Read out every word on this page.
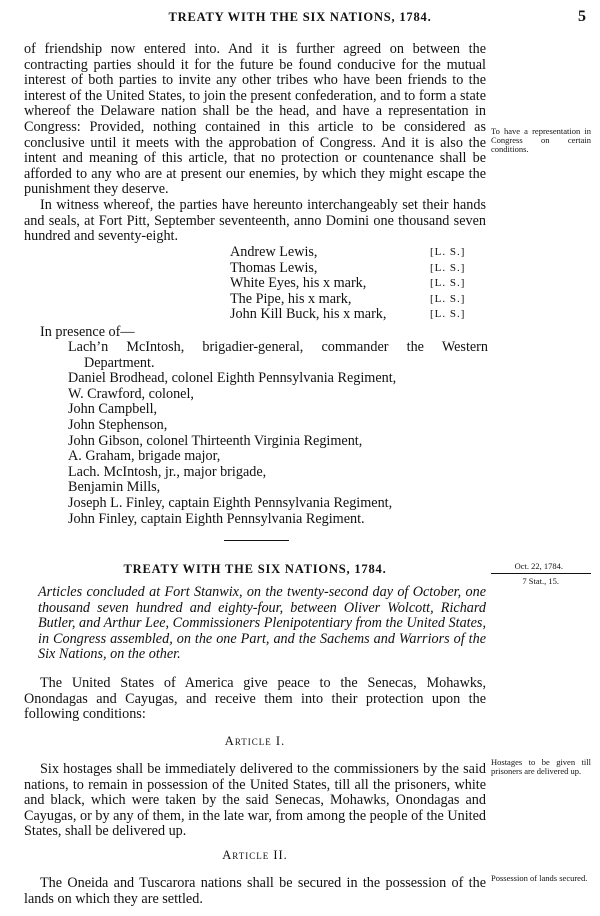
TREATY WITH THE SIX NATIONS, 1784.	5

of friendship now entered into. And it is further agreed on between the contracting parties should it for the future be found conducive for the mutual interest of both parties to invite any other tribes who have been friends to the interest of the United States, to join the present confederation, and to form a state whereof the Delaware nation shall be the head, and have a representation in Congress: Provided, nothing contained in this article to be considered as conclusive until it meets with the approbation of Congress. And it is also the intent and meaning of this article, that no protection or countenance shall be afforded to any who are at present our enemies, by which they might escape the punishment they deserve.

In witness whereof, the parties have hereunto interchangeably set their hands and seals, at Fort Pitt, September seventeenth, anno Domini one thousand seven hundred and seventy-eight.

Andrew Lewis,	[L. S.]
Thomas Lewis,	[L. S.]
White Eyes, his x mark,	[L. S.]
The Pipe, his x mark,	[L. S.]
John Kill Buck, his x mark,	[L. S.]
In presence of—
Lach’n McIntosh, brigadier-general, commander the Western Department.
Daniel Brodhead, colonel Eighth Pennsylvania Regiment,
W. Crawford, colonel,
John Campbell,
John Stephenson,
John Gibson, colonel Thirteenth Virginia Regiment,
A. Graham, brigade major,
Lach. McIntosh, jr., major brigade,
Benjamin Mills,
Joseph L. Finley, captain Eighth Pennsylvania Regiment,
John Finley, captain Eighth Pennsylvania Regiment.
TREATY WITH THE SIX NATIONS, 1784.
Articles concluded at Fort Stanwix, on the twenty-second day of October, one thousand seven hundred and eighty-four, between Oliver Wolcott, Richard Butler, and Arthur Lee, Commissioners Plenipotentiary from the United States, in Congress assembled, on the one Part, and the Sachems and Warriors of the Six Nations, on the other.

The United States of America give peace to the Senecas, Mohawks, Onondagas and Cayugas, and receive them into their protection upon the following conditions:

Article I.

Six hostages shall be immediately delivered to the commissioners by the said nations, to remain in possession of the United States, till all the prisoners, white and black, which were taken by the said Senecas, Mohawks, Onondagas and Cayugas, or by any of them, in the late war, from among the people of the United States, shall be delivered up.

Article II.

The Oneida and Tuscarora nations shall be secured in the possession of the lands on which they are settled.

To have a representation in Congress on certain conditions.
Oct. 22, 1784.
7 Stat., 15.
Hostages to be given till prisoners are delivered up.
Possession of lands secured.
